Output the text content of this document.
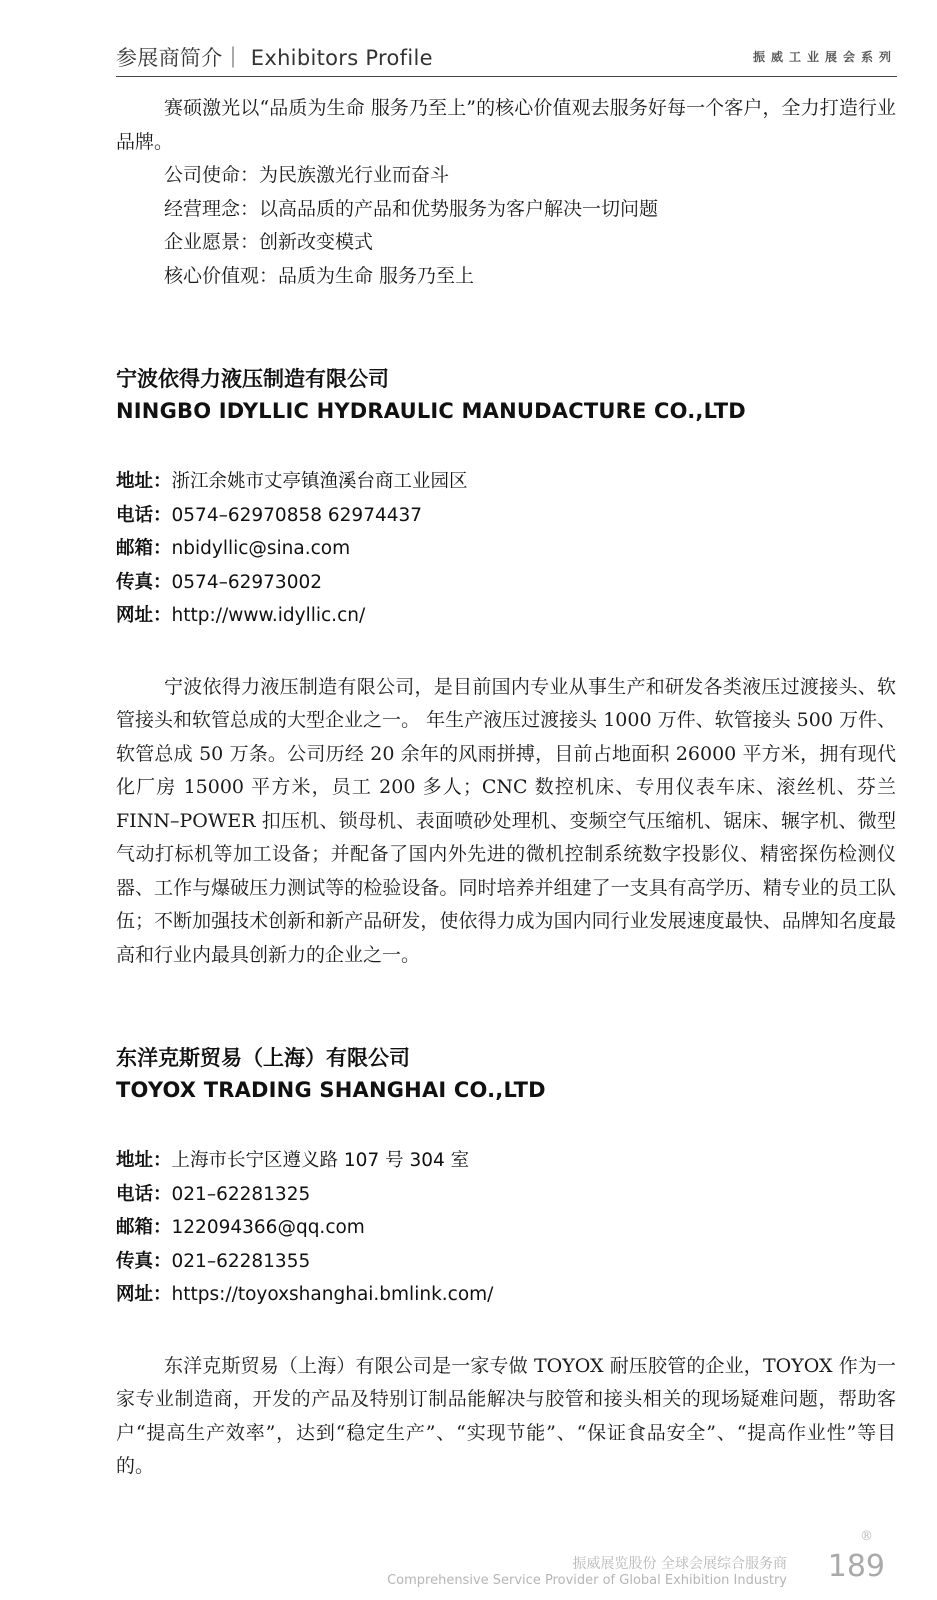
参展商简介｜ Exhibitors Profile	振威工业展会系列

赛硕激光以“品质为生命 服务乃至上”的核心价值观去服务好每一个客户，全力打造行业品牌。

公司使命：为民族激光行业而奋斗
经营理念：以高品质的产品和优势服务为客户解决一切问题
企业愿景：创新改变模式
核心价值观：品质为生命 服务乃至上
宁波依得力液压制造有限公司
NINGBO IDYLLIC HYDRAULIC MANUDACTURE CO.,LTD
地址：浙江余姚市丈亭镇渔溪台商工业园区
电话：0574–62970858 62974437
邮箱：nbidyllic@sina.com
传真：0574–62973002
网址：http://www.idyllic.cn/

宁波依得力液压制造有限公司，是目前国内专业从事生产和研发各类液压过渡接头、软管接头和软管总成的大型企业之一。 年生产液压过渡接头 1000 万件、软管接头 500 万件、软管总成 50 万条。公司历经 20 余年的风雨拼搏，目前占地面积 26000 平方米，拥有现代化厂房 15000 平方米，员工 200 多人；CNC 数控机床、专用仪表车床、滚丝机、芬兰 FINN–POWER 扣压机、锁母机、表面喷砂处理机、变频空气压缩机、锯床、辗字机、微型气动打标机等加工设备；并配备了国内外先进的微机控制系统数字投影仪、精密探伤检测仪器、工作与爆破压力测试等的检验设备。同时培养并组建了一支具有高学历、精专业的员工队伍；不断加强技术创新和新产品研发，使依得力成为国内同行业发展速度最快、品牌知名度最高和行业内最具创新力的企业之一。

东洋克斯贸易（上海）有限公司
TOYOX TRADING SHANGHAI CO.,LTD
地址：上海市长宁区遵义路 107 号 304 室
电话：021–62281325
邮箱：122094366@qq.com
传真：021–62281355
网址：https://toyoxshanghai.bmlink.com/

东洋克斯贸易（上海）有限公司是一家专做 TOYOX 耐压胶管的企业，TOYOX 作为一家专业制造商，开发的产品及特别订制品能解决与胶管和接头相关的现场疑难问题，帮助客户“提高生产效率”，达到“稳定生产”、“实现节能”、“保证食品安全”、“提高作业性”等目的。

®
振威展览股份 全球会展综合服务商
Comprehensive Service Provider of Global Exhibition Industry 189
